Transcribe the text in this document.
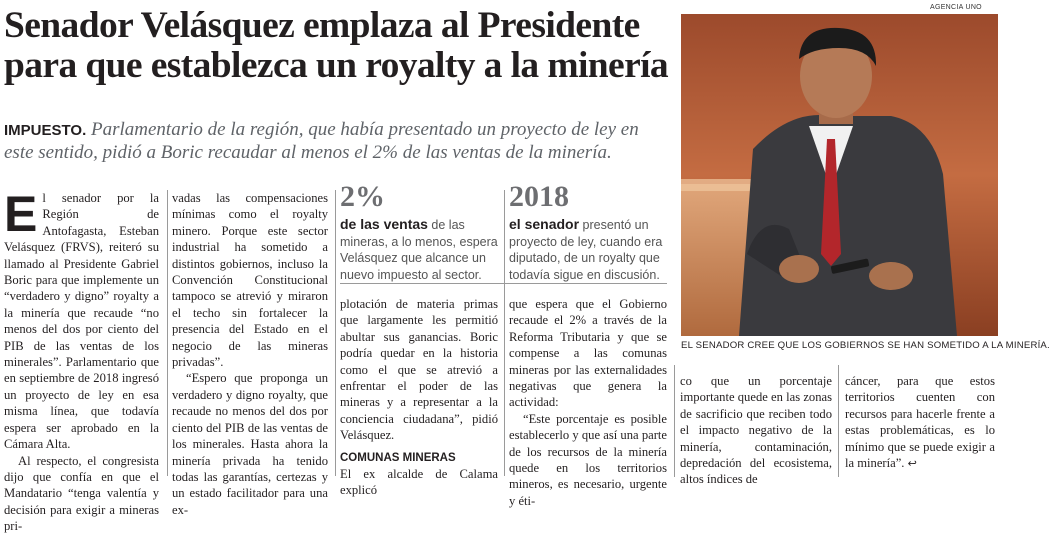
Senador Velásquez emplaza al Presidente
para que establezca un royalty a la minería
IMPUESTO. Parlamentario de la región, que había presentado un proyecto de ley en este sentido, pidió a Boric recaudar al menos el 2% de las ventas de la minería.

El senador por la Región de Antofagasta, Esteban Velásquez (FRVS), reiteró su llamado al Presidente Gabriel Boric para que implemente un “verdadero y digno” royalty a la minería que recaude “no menos del dos por ciento del PIB de las ventas de los minerales”. Parlamentario que en septiembre de 2018 ingresó un proyecto de ley en esa misma línea, que todavía espera ser aprobado en la Cámara Alta.

Al respecto, el congresista dijo que confía en que el Mandatario “tenga valentía y decisión para exigir a mineras pri-

vadas las compensaciones mínimas como el royalty minero. Porque este sector industrial ha sometido a distintos gobiernos, incluso la Convención Constitucional tampoco se atrevió y miraron el techo sin fortalecer la presencia del Estado en el negocio de las mineras privadas”.

“Espero que proponga un verdadero y digno royalty, que recaude no menos del dos por ciento del PIB de las ventas de los minerales. Hasta ahora la minería privada ha tenido todas las garantías, certezas y un estado facilitador para una ex-

2%
de las ventas de las mineras, a lo menos, espera Velásquez que alcance un nuevo impuesto al sector.
2018
el senador presentó un proyecto de ley, cuando era diputado, de un royalty que todavía sigue en discusión.

plotación de materia primas que largamente les permitió abultar sus ganancias. Boric podría quedar en la historia como el que se atrevió a enfrentar el poder de las mineras y a representar a la conciencia ciudadana”, pidió Velásquez.

COMUNAS MINERAS

El ex alcalde de Calama explicó

que espera que el Gobierno recaude el 2% a través de la Reforma Tributaria y que se compense a las comunas mineras por las externalidades negativas que genera la actividad:

“Este porcentaje es posible establecerlo y que así una parte de los recursos de la minería quede en los territorios mineros, es necesario, urgente y éti-

co que un porcentaje importante quede en las zonas de sacrificio que reciben todo el impacto negativo de la minería, contaminación, depredación del ecosistema, altos índices de

cáncer, para que estos territorios cuenten con recursos para hacerle frente a estas problemáticas, es lo mínimo que se puede exigir a la minería”. ↩

AGENCIA UNO
EL SENADOR CREE QUE LOS GOBIERNOS SE HAN SOMETIDO A LA MINERÍA.
